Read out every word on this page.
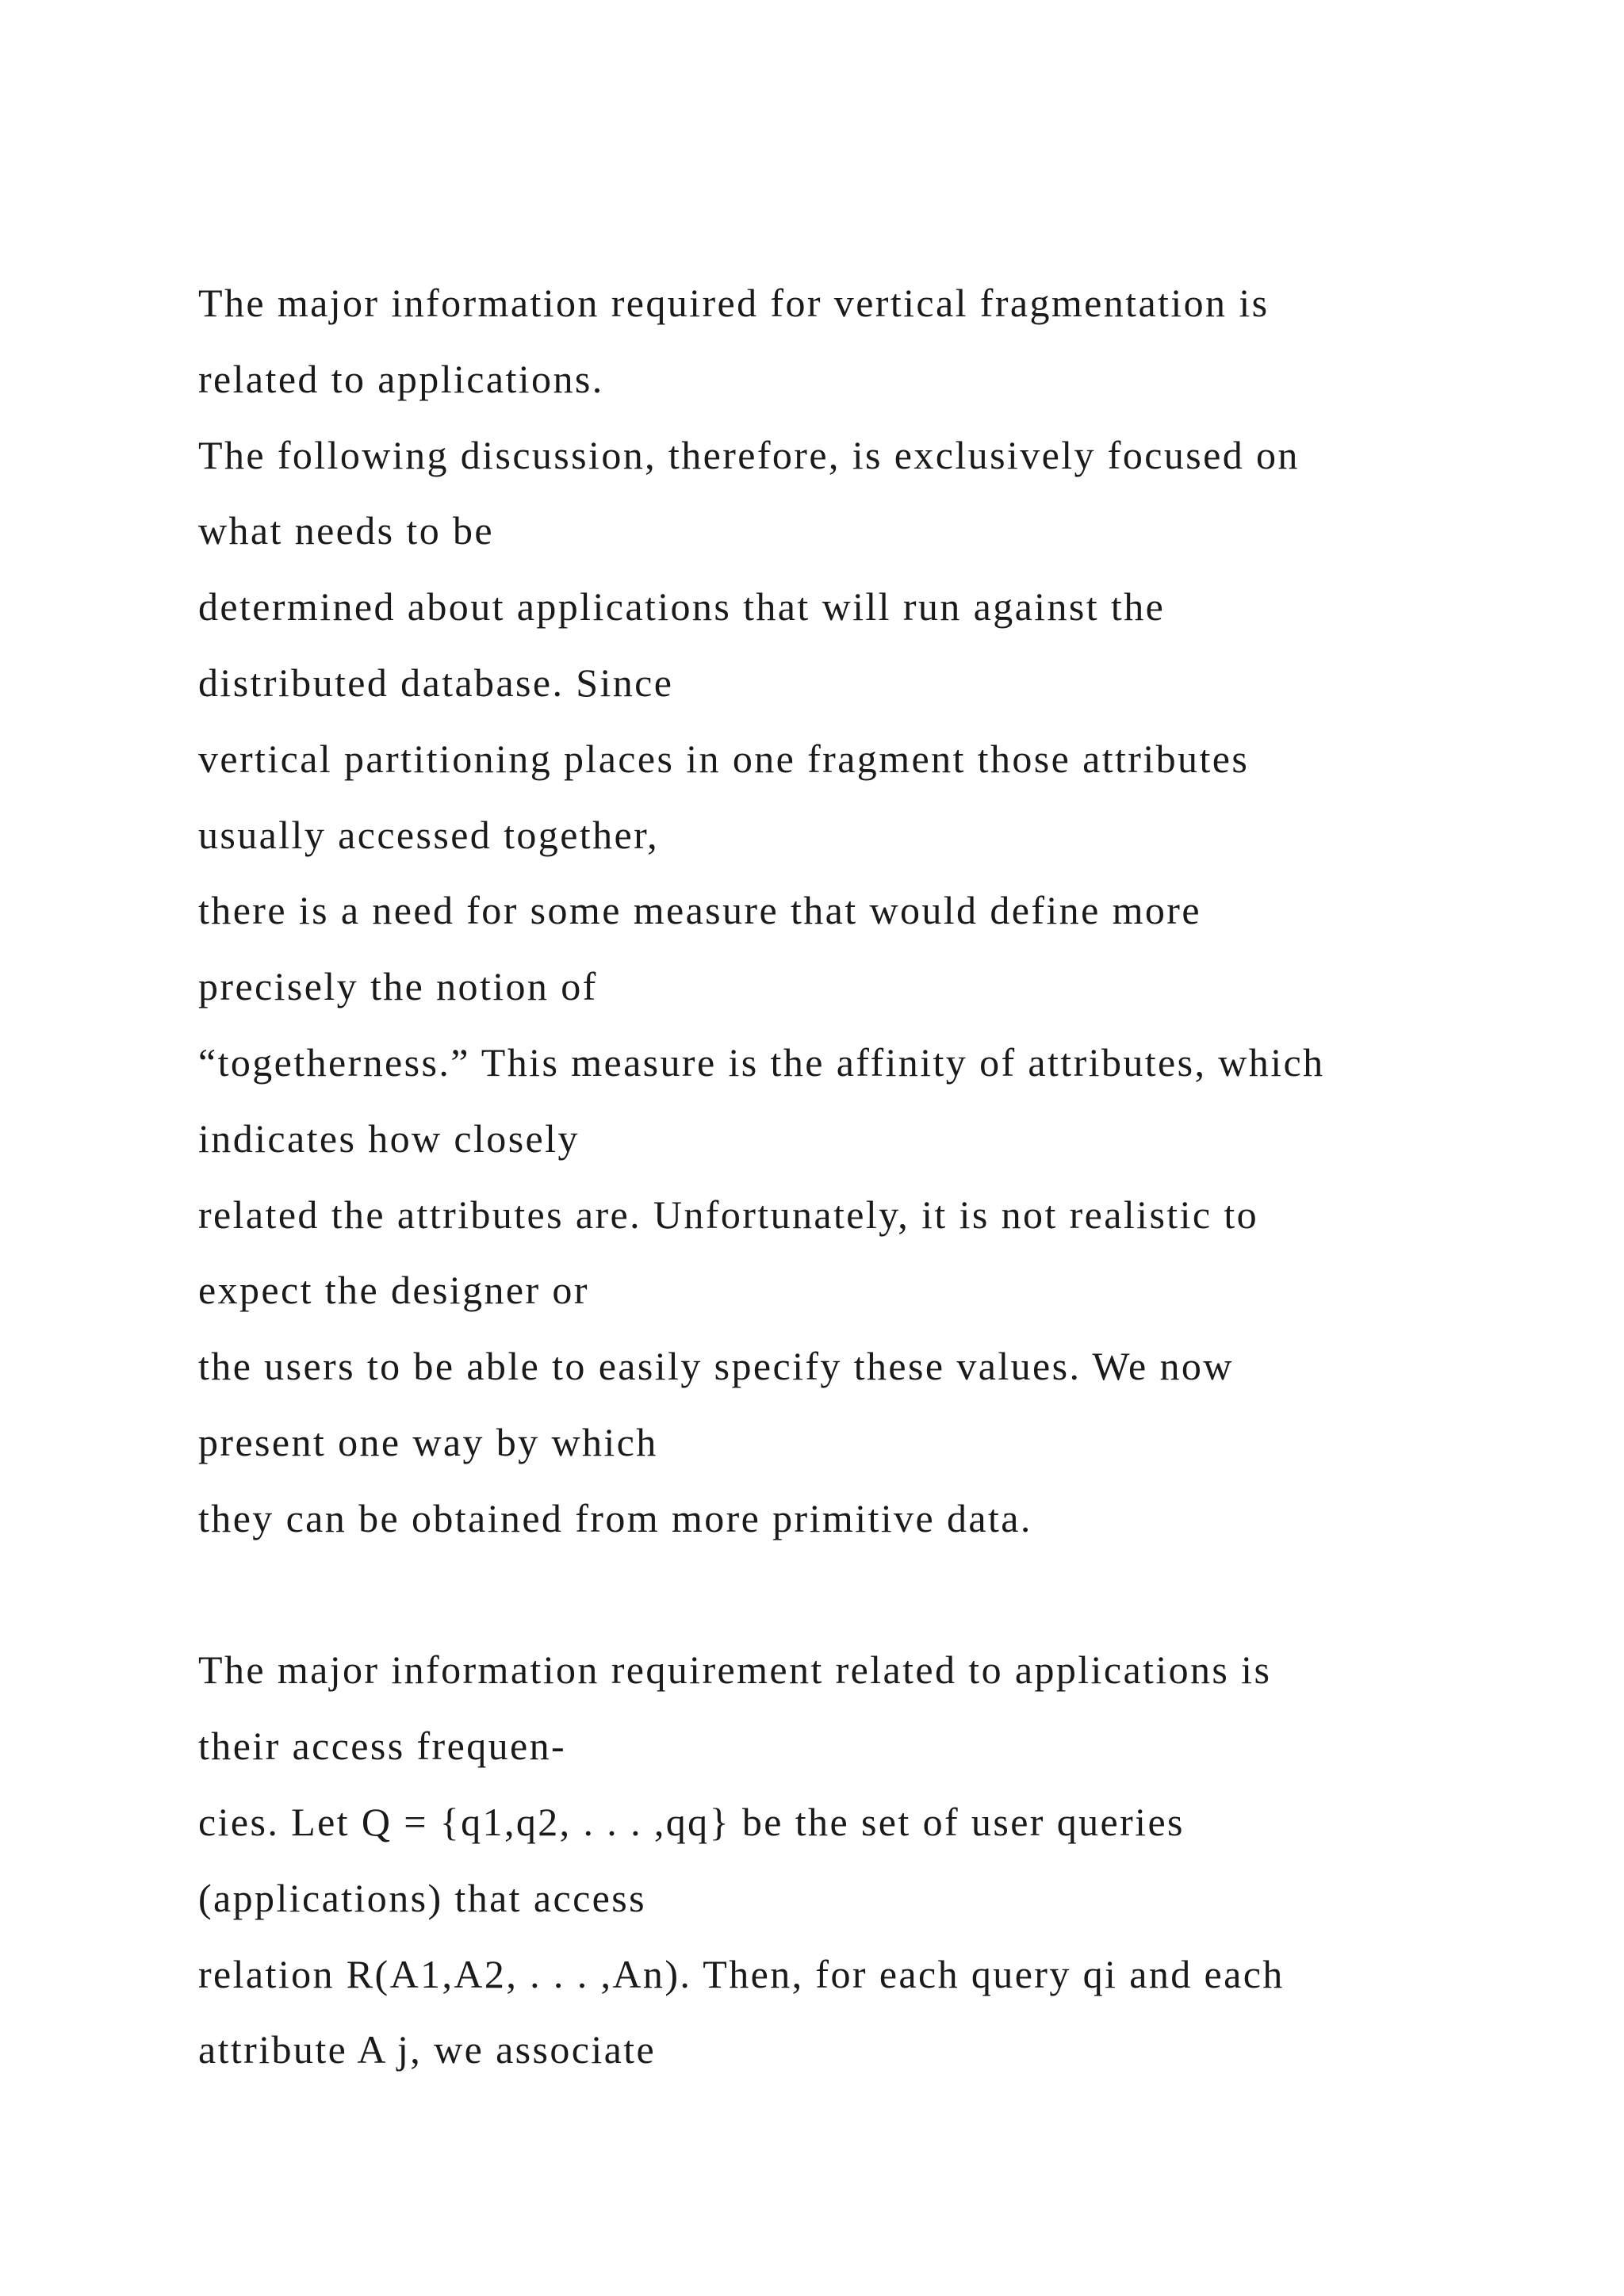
The major information required for vertical fragmentation is
related to applications.
The following discussion, therefore, is exclusively focused on
what needs to be
determined about applications that will run against the
distributed database. Since
vertical partitioning places in one fragment those attributes
usually accessed together,
there is a need for some measure that would define more
precisely the notion of
“togetherness.” This measure is the affinity of attributes, which
indicates how closely
related the attributes are. Unfortunately, it is not realistic to
expect the designer or
the users to be able to easily specify these values. We now
present one way by which
they can be obtained from more primitive data.
The major information requirement related to applications is
their access frequen-
cies. Let Q = {q1,q2, . . . ,qq} be the set of user queries
(applications) that access
relation R(A1,A2, . . . ,An). Then, for each query qi and each
attribute A j, we associate
